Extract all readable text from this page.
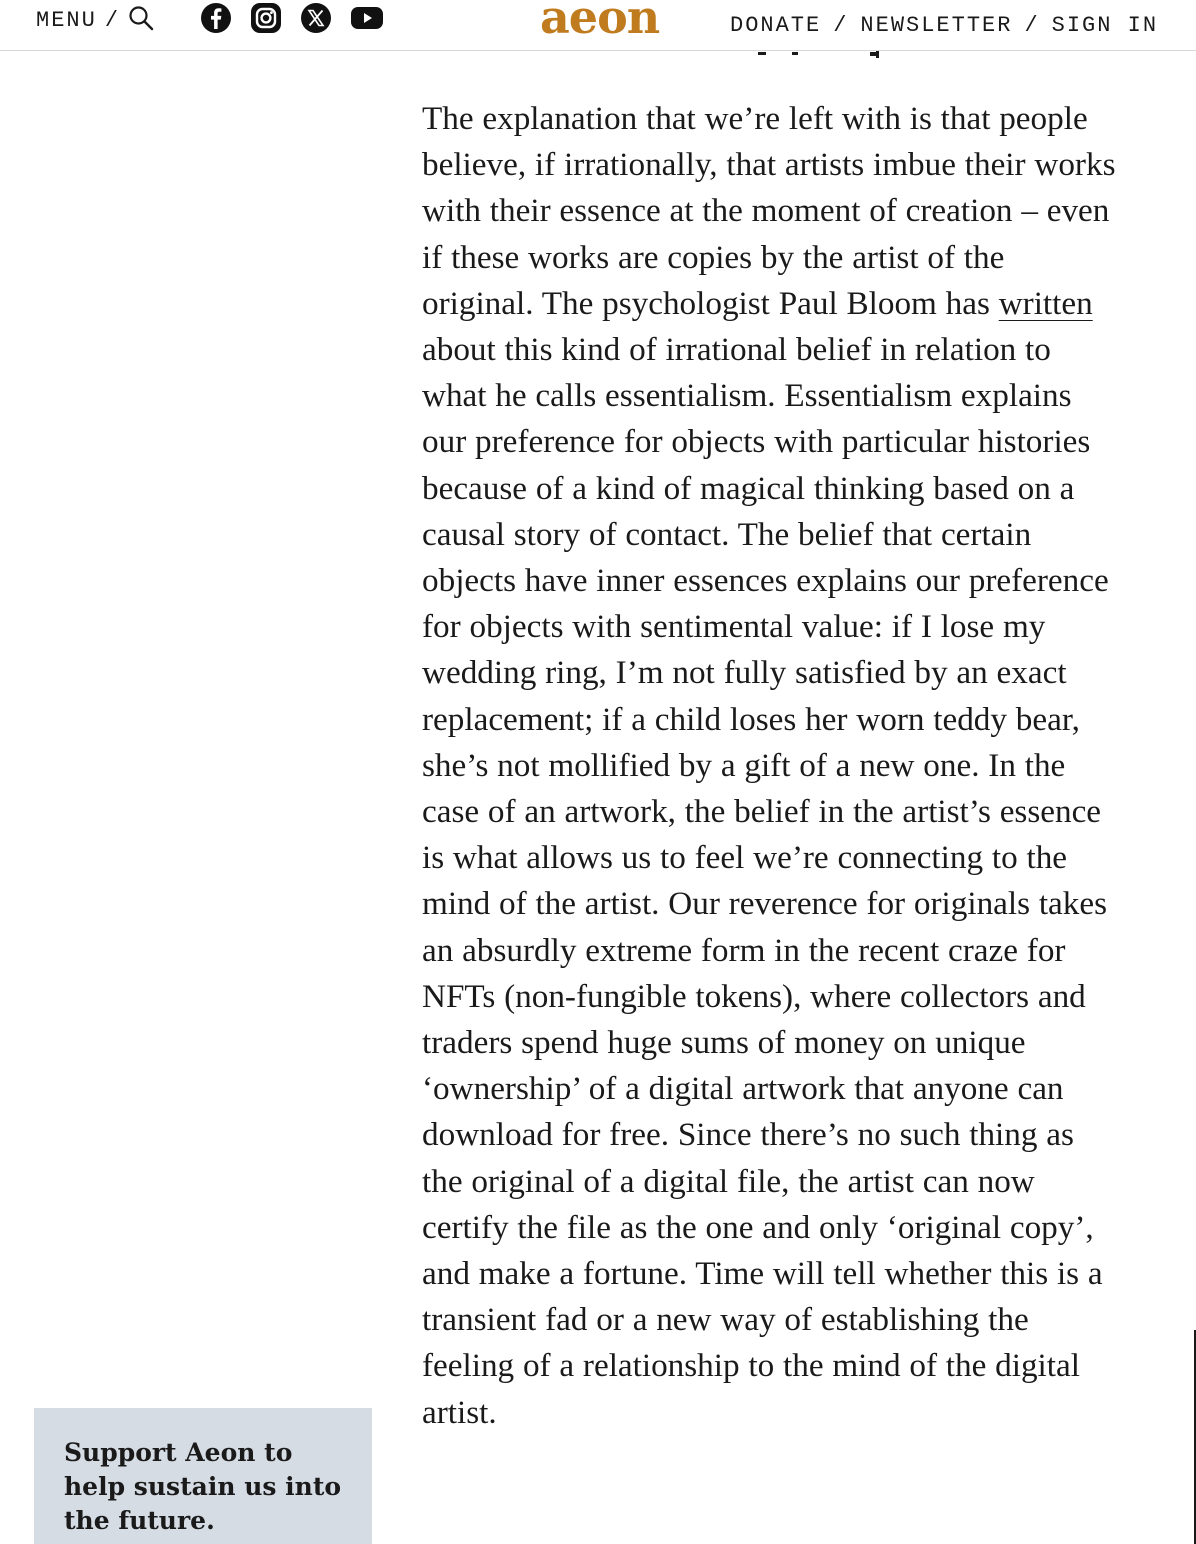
MENU /	aeon	DONATE / NEWSLETTER / SIGN IN

The explanation that we’re left with is that people believe, if irrationally, that artists imbue their works with their essence at the moment of creation – even if these works are copies by the artist of the original. The psychologist Paul Bloom has written about this kind of irrational belief in relation to what he calls essentialism. Essentialism explains our preference for objects with particular histories because of a kind of magical thinking based on a causal story of contact. The belief that certain objects have inner essences explains our preference for objects with sentimental value: if I lose my wedding ring, I’m not fully satisfied by an exact replacement; if a child loses her worn teddy bear, she’s not mollified by a gift of a new one. In the case of an artwork, the belief in the artist’s essence is what allows us to feel we’re connecting to the mind of the artist. Our reverence for originals takes an absurdly extreme form in the recent craze for NFTs (non-fungible tokens), where collectors and traders spend huge sums of money on unique ‘ownership’ of a digital artwork that anyone can download for free. Since there’s no such thing as the original of a digital file, the artist can now certify the file as the one and only ‘original copy’, and make a fortune. Time will tell whether this is a transient fad or a new way of establishing the feeling of a relationship to the mind of the digital artist.

Support Aeon to help sustain us into the future.
